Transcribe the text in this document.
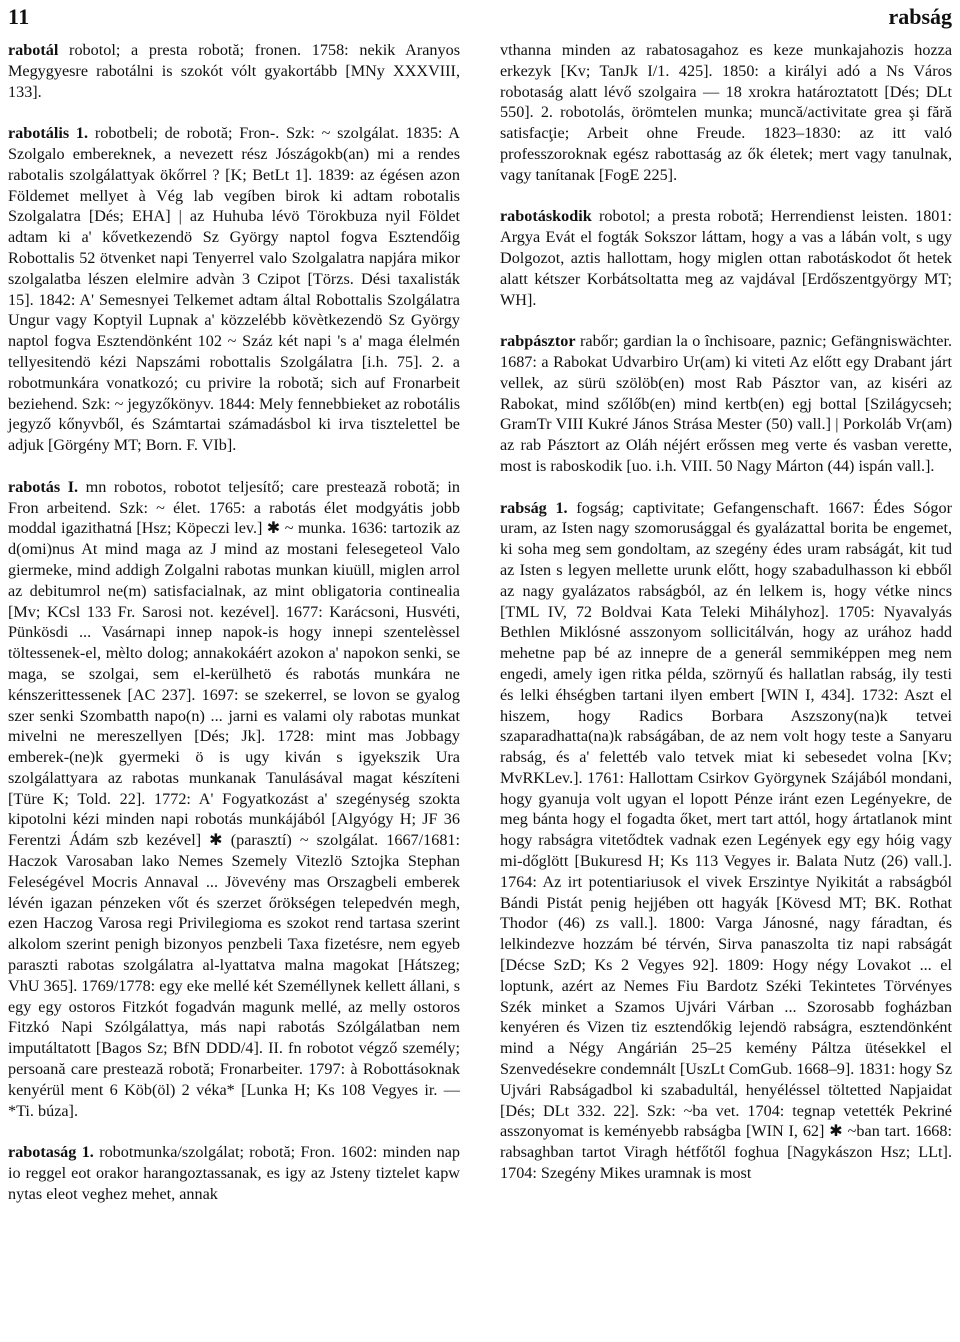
11	rabság

rabotál robotol; a presta robotă; fronen. 1758: nekik Aranyos Megygyesre rabotálni is szokót vólt gyakortább [MNy XXXVIII, 133].

rabotális 1. robotbeli; de robotă; Fron-. Szk: ~ szolgálat. 1835: A Szolgalo embereknek, a nevezett rész Jószágokb(an) mi a rendes rabotalis szolgálattyak ökőrrel ? [K; BetLt 1]. 1839: az égésen azon Földemet mellyet à Vég lab vegíben birok ki adtam robotalis Szolgalatra [Dés; EHA] | az Huhuba lévö Törokbuza nyil Földet adtam ki a' kővetkezendö Sz György naptol fogva Esztendőig Robottalis 52 ötvenket napi Tenyerrel valo Szolgalatra napjára mikor szolgalatba lészen elelmire advàn 3 Czipot [Törzs. Dési taxalisták 15]. 1842: A' Semesnyei Telkemet adtam által Robottalis Szolgálatra Ungur vagy Koptyil Lupnak a' közzelébb kövètkezendö Sz György naptol fogva Esztendönként 102 ~ Száz két napi 's a' maga élelmén tellyesitendö kézi Napszámi robottalis Szolgálatra [i.h. 75]. 2. a robotmunkára vonatkozó; cu privire la robotă; sich auf Fronarbeit beziehend. Szk: ~ jegyzőkönyv. 1844: Mely fennebbieket az robotális jegyző kőnyvből, és Számtartai számadásbol ki irva tisztelettel be adjuk [Görgény MT; Born. F. VIb].

rabotás I. mn robotos, robotot teljesítő; care prestează robotă; in Fron arbeitend. Szk: ~ élet. 1765: a rabotás élet modgyátis jobb moddal igazithatná [Hsz; Köpeczi lev.] ✱ ~ munka. 1636: tartozik az d(omi)nus At mind maga az J mind az mostani felesegeteol Valo giermeke, mind addigh Zolgalni rabotas munkan kiuüll, miglen arrol az debitumrol ne(m) satisfacialnak, az mint obligatoria continealia [Mv; KCsl 133 Fr. Sarosi not. kezével]. 1677: Karácsoni, Husvéti, Pünkösdi ... Vasárnapi innep napok-is hogy innepi szentelèssel töltessenek-el, mèlto dolog; annakokáért azokon a' napokon senki, se maga, se szolgai, sem el-kerülhetö és rabotás munkára ne kénszerittessenek [AC 237]. 1697: se szekerrel, se lovon se gyalog szer senki Szombatth napo(n) ... jarni es valami oly rabotas munkat mivelni ne mereszellyen [Dés; Jk]. 1728: mint mas Jobbagy emberek-(ne)k gyermeki ö is ugy kiván s igyekszik Ura szolgálattyara az rabotas munkanak Tanulásával magat készíteni [Türe K; Told. 22]. 1772: A' Fogyatkozást a' szegénység szokta kipotolni kézi minden napi robotás munkájából [Algyógy H; JF 36 Ferentzi Ádám szb kezével] ✱ (parasztí) ~ szolgálat. 1667/1681: Haczok Varosaban lako Nemes Szemely Vitezlö Sztojka Stephan Feleségével Mocris Annaval ... Jövevény mas Orszagbeli emberek lévén igazan pénzeken vőt és szerzet őrökségen telepedvén megh, ezen Haczog Varosa regi Privilegioma es szokot rend tartasa szerint alkolom szerint penigh bizonyos penzbeli Taxa fizetésre, nem egyeb paraszti rabotas szolgálatra al-lyattatva malna magokat [Hátszeg; VhU 365]. 1769/1778: egy eke mellé két Személlynek kellett állani, s egy egy ostoros Fitzkót fogadván magunk mellé, az melly ostoros Fitzkó Napi Szólgálattya, más napi rabotás Szólgálatban nem imputáltatott [Bagos Sz; BfN DDD/4]. II. fn robotot végző személy; persoană care prestează robotă; Fronarbeiter. 1797: à Robottásoknak kenyérül ment 6 Köb(öl) 2 véka* [Lunka H; Ks 108 Vegyes ir. — *Ti. búza].

rabotaság 1. robotmunka/szolgálat; robotă; Fron. 1602: minden nap io reggel eot orakor harangoztassanak, es igy az Jsteny tiztelet kapw nytas eleot veghez mehet, annak

vthanna minden az rabatosagahoz es keze munkajahozis hozza erkezyk [Kv; TanJk I/1. 425]. 1850: a királyi adó a Ns Város robotaság alatt lévő szolgaira — 18 xrokra határoztatott [Dés; DLt 550]. 2. robotolás, örömtelen munka; muncă/activitate grea şi fără satisfacţie; Arbeit ohne Freude. 1823–1830: az itt való professzoroknak egész rabottaság az ők életek; mert vagy tanulnak, vagy tanítanak [FogE 225].

rabotáskodik robotol; a presta robotă; Herrendienst leisten. 1801: Argya Evát el fogták Sokszor láttam, hogy a vas a lábán volt, s ugy Dolgozot, aztis hallottam, hogy miglen ottan rabotáskodot őt hetek alatt kétszer Korbátsoltatta meg az vajdával [Erdőszentgyörgy MT; WH].

rabpásztor rabőr; gardian la o închisoare, paznic; Gefängniswächter. 1687: a Rabokat Udvarbiro Ur(am) ki viteti Az előtt egy Drabant járt vellek, az sürü szölöb(en) most Rab Pásztor van, az kiséri az Rabokat, mind szőlőb(en) mind kertb(en) egj bottal [Szilágycseh; GramTr VIII Kukré János Strása Mester (50) vall.] | Porkoláb Vr(am) az rab Pásztort az Oláh néjért erőssen meg verte és vasban verette, most is raboskodik [uo. i.h. VIII. 50 Nagy Márton (44) ispán vall.].

rabság 1. fogság; captivitate; Gefangenschaft. 1667: Édes Sógor uram, az Isten nagy szomorusággal és gyalázattal borita be engemet, ki soha meg sem gondoltam, az szegény édes uram rabságát, kit tud az Isten s legyen mellette urunk előtt, hogy szabadulhasson ki ebből az nagy gyalázatos rabságból, az én lelkem is, hogy vétke nincs [TML IV, 72 Boldvai Kata Teleki Mihályhoz]. 1705: Nyavalyás Bethlen Miklósné asszonyom sollicitálván, hogy az urához hadd mehetne pap bé az innepre de a generál semmiképpen meg nem engedi, amely igen ritka példa, szörnyű és hallatlan rabság, ily testi és lelki éhségben tartani ilyen embert [WIN I, 434]. 1732: Aszt el hiszem, hogy Radics Borbara Aszszony(na)k tetvei szaparadhatta(na)k rabságában, de az nem volt hogy teste a Sanyaru rabság, és a' felettéb valo tetvek miat ki sebesedet volna [Kv; MvRKLev.]. 1761: Hallottam Csirkov Györgynek Szájából mondani, hogy gyanuja volt ugyan el lopott Pénze iránt ezen Legényekre, de meg bánta hogy el fogadta őket, mert tart attól, hogy ártatlanok mint hogy rabságra vitetődtek vadnak ezen Legények egy egy hóig vagy mi-dőglött [Bukuresd H; Ks 113 Vegyes ir. Balata Nutz (26) vall.]. 1764: Az irt potentiariusok el vivek Erszintye Nyikitát a rabságból Bándi Pistát penig hejjében ott hagyák [Kövesd MT; BK. Rothat Thodor (46) zs vall.]. 1800: Varga Jánosné, nagy fáradtan, és lelkindezve hozzám bé térvén, Sirva panaszolta tiz napi rabságát [Décse SzD; Ks 2 Vegyes 92]. 1809: Hogy négy Lovakot ... el loptunk, azért az Nemes Fiu Bardotz Széki Tekintetes Törvényes Szék minket a Szamos Ujvári Várban ... Szorosabb fogházban kenyéren és Vizen tiz esztendőkig lejendö rabságra, esztendönként mind a Négy Angárián 25–25 kemény Páltza ütésekkel el Szenvedésekre condemnált [UszLt ComGub. 1668–9]. 1831: hogy Sz Ujvári Rabságadbol ki szabadultál, henyéléssel töltetted Napjaidat [Dés; DLt 332. 22]. Szk: ~ba vet. 1704: tegnap vetették Pekriné asszonyomat is keményebb rabságba [WIN I, 62] ✱ ~ban tart. 1668: rabsaghban tartot Viragh hétfőtől foghua [Nagykászon Hsz; LLt]. 1704: Szegény Mikes uramnak is most
